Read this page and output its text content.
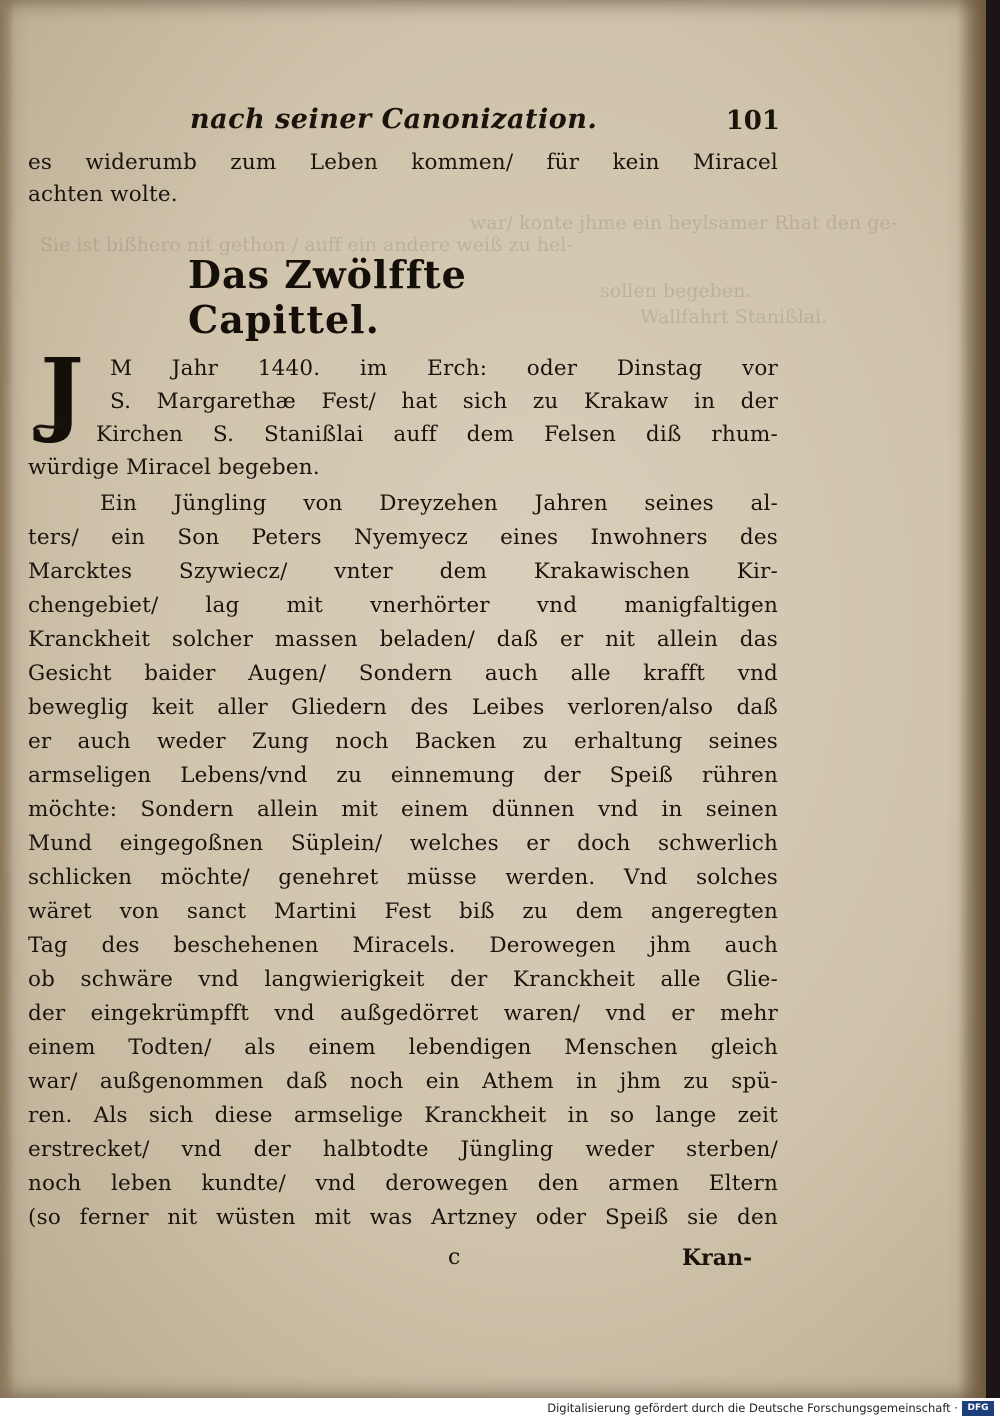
war/ konte jhme ein heylsamer Rhat den ge-
Sie ist bißhero nit gethon / auff ein andere weiß zu hel-
sollen begeben.
Wallfahrt Stanißlai.
nach seiner Canonization.	101
es widerumb zum Leben kommen/ für kein Miracel
achten wolte.
Das Zwölffte Capittel.
J	M Jahr 1440. im Erch: oder Dinstag vor
S. Margarethæ Fest/ hat sich zu Krakaw in der
Kirchen S. Stanißlai auff dem Felsen diß rhum-
würdige Miracel begeben.
Ein Jüngling von Dreyzehen Jahren seines al-
ters/ ein Son Peters Nyemyecz eines Inwohners des
Marcktes Szywiecz/ vnter dem Krakawischen Kir-
chengebiet/ lag mit vnerhörter vnd manigfaltigen
Kranckheit solcher massen beladen/ daß er nit allein das
Gesicht baider Augen/ Sondern auch alle krafft vnd
beweglig keit aller Gliedern des Leibes verloren/also daß
er auch weder Zung noch Backen zu erhaltung seines
armseligen Lebens/vnd zu einnemung der Speiß rühren
möchte: Sondern allein mit einem dünnen vnd in seinen
Mund eingegoßnen Süplein/ welches er doch schwerlich
schlicken möchte/ genehret müsse werden. Vnd solches
wäret von sanct Martini Fest biß zu dem angeregten
Tag des beschehenen Miracels. Derowegen jhm auch
ob schwäre vnd langwierigkeit der Kranckheit alle Glie-
der eingekrümpfft vnd außgedörret waren/ vnd er mehr
einem Todten/ als einem lebendigen Menschen gleich
war/ außgenommen daß noch ein Athem in jhm zu spü-
ren. Als sich diese armselige Kranckheit in so lange zeit
erstrecket/ vnd der halbtodte Jüngling weder sterben/
noch leben kundte/ vnd derowegen den armen Eltern
(so ferner nit wüsten mit was Artzney oder Speiß sie den
c	Kran-
Digitalisierung gefördert durch die Deutsche Forschungsgemeinschaft ·	DFG
